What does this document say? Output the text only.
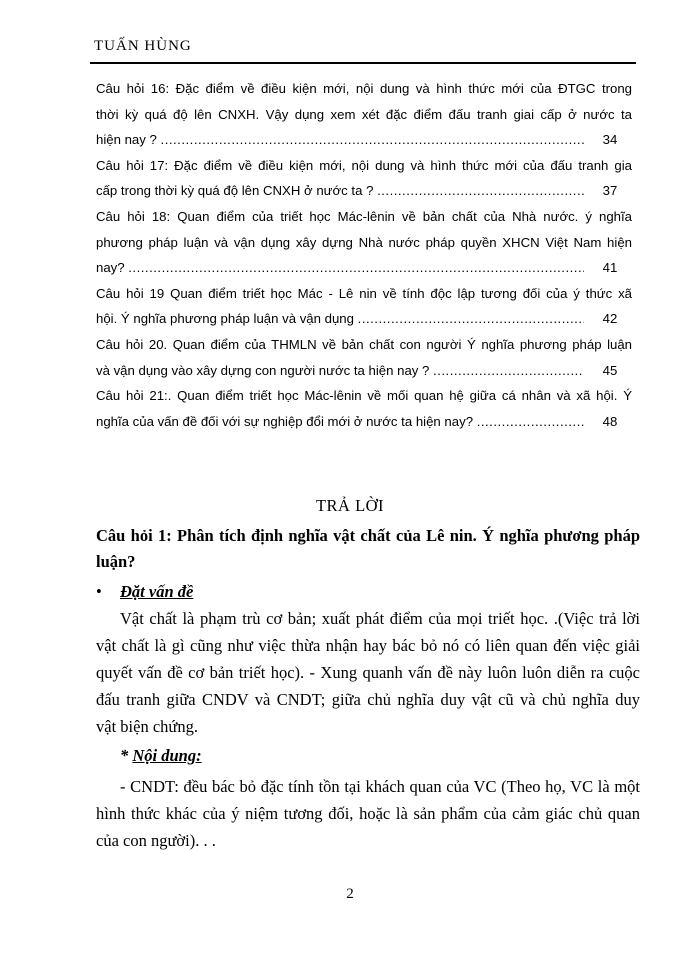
TUẤN HÙNG
Câu hỏi 16: Đặc điểm về điều kiện mới, nội dung và hình thức mới của ĐTGC trong
thời kỳ quá độ lên CNXH. Vậy dụng xem xét đặc điểm đấu tranh giai cấp ở nước ta
hiện nay ? .....	34
Câu hỏi 17: Đặc điểm về điều kiện mới, nội dung và hình thức mới của đấu tranh gia
cấp trong thời kỳ quá độ lên CNXH ở nước ta ? .....	37
Câu hỏi 18: Quan điểm của triết học Mác-lênin về bản chất của Nhà nước. ý nghĩa
phương pháp luận và vận dụng xây dựng Nhà nước pháp quyền XHCN Việt Nam hiện
nay? .....	41
Câu hỏi 19 Quan điểm triết học Mác - Lê nin về tính độc lập tương đối của ý thức xã
hội. Ý nghĩa phương pháp luận và vận dụng .....	42
Câu hỏi 20. Quan điểm của THMLN về bản chất con người Ý nghĩa phương pháp luận
và vận dụng vào xây dựng con người nước ta hiện nay ? .....	45
Câu hỏi 21:. Quan điểm triết học Mác-lênin về mối quan hệ giữa cá nhân và xã hội. Ý
nghĩa của vấn đề đối với sự nghiệp đổi mới ở nước ta hiện nay? .....	48
TRẢ LỜI
Câu hỏi 1: Phân tích định nghĩa vật chất của Lê nin. Ý nghĩa phương pháp luận?
• Đặt vấn đề
Vật chất là phạm trù cơ bản; xuất phát điểm của mọi triết học. .(Việc trả lời
vật chất là gì cũng như việc thừa nhận hay bác bỏ nó có liên quan đến việc giải
quyết vấn đề cơ bản triết học). - Xung quanh vấn đề này luôn luôn diễn ra cuộc
đấu tranh giữa CNDV và CNDT; giữa chủ nghĩa duy vật cũ và chủ nghĩa duy
vật biện chứng.
* Nội dung:
- CNDT: đều bác bỏ đặc tính tồn tại khách quan của VC (Theo họ, VC là một
hình thức khác của ý niệm tương đối, hoặc là sản phẩm của cảm giác chủ quan
của con người). . .
2
